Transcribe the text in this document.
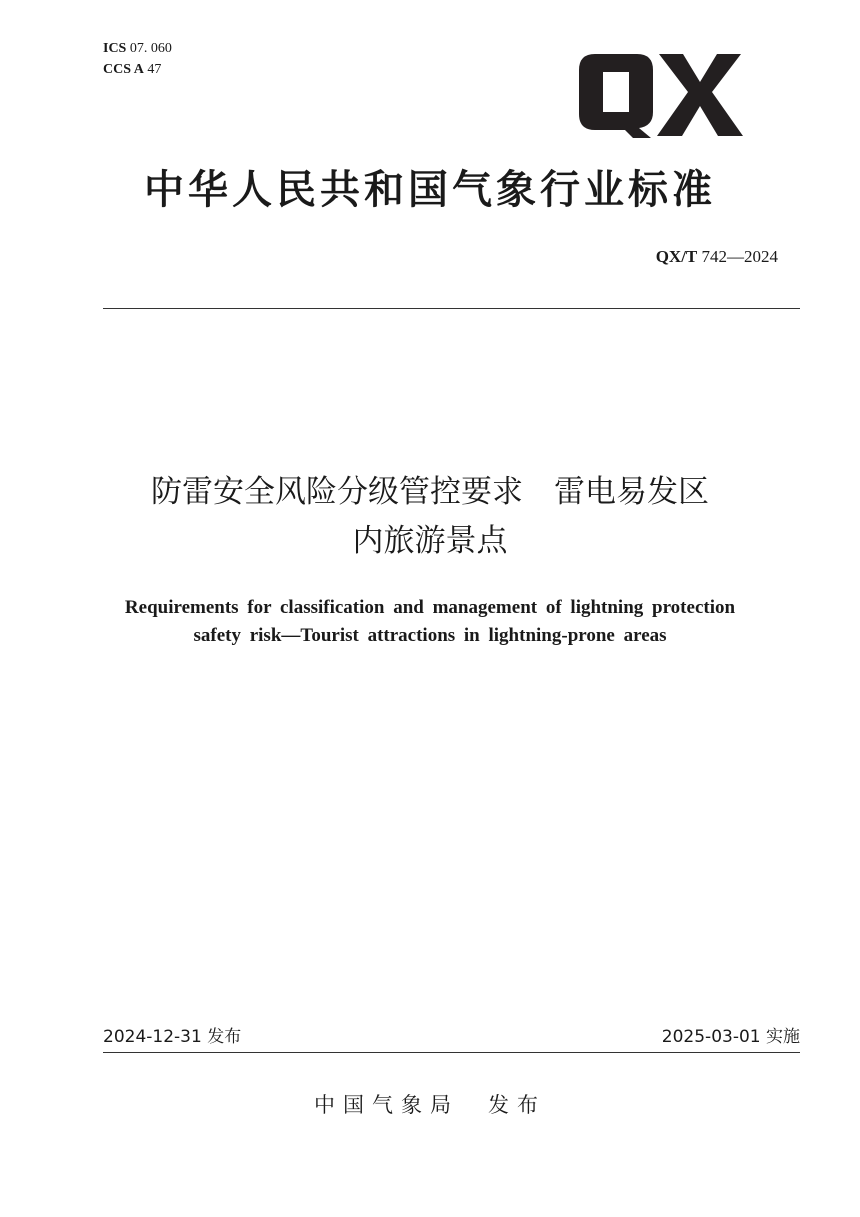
ICS 07. 060
CCS A 47
中华人民共和国气象行业标准
QX/T 742—2024
防雷安全风险分级管控要求　雷电易发区
内旅游景点
Requirements for classification and management of lightning protection
safety risk—Tourist attractions in lightning-prone areas
2024-12-31 发布	2025-03-01 实施
中国气象局　发布
